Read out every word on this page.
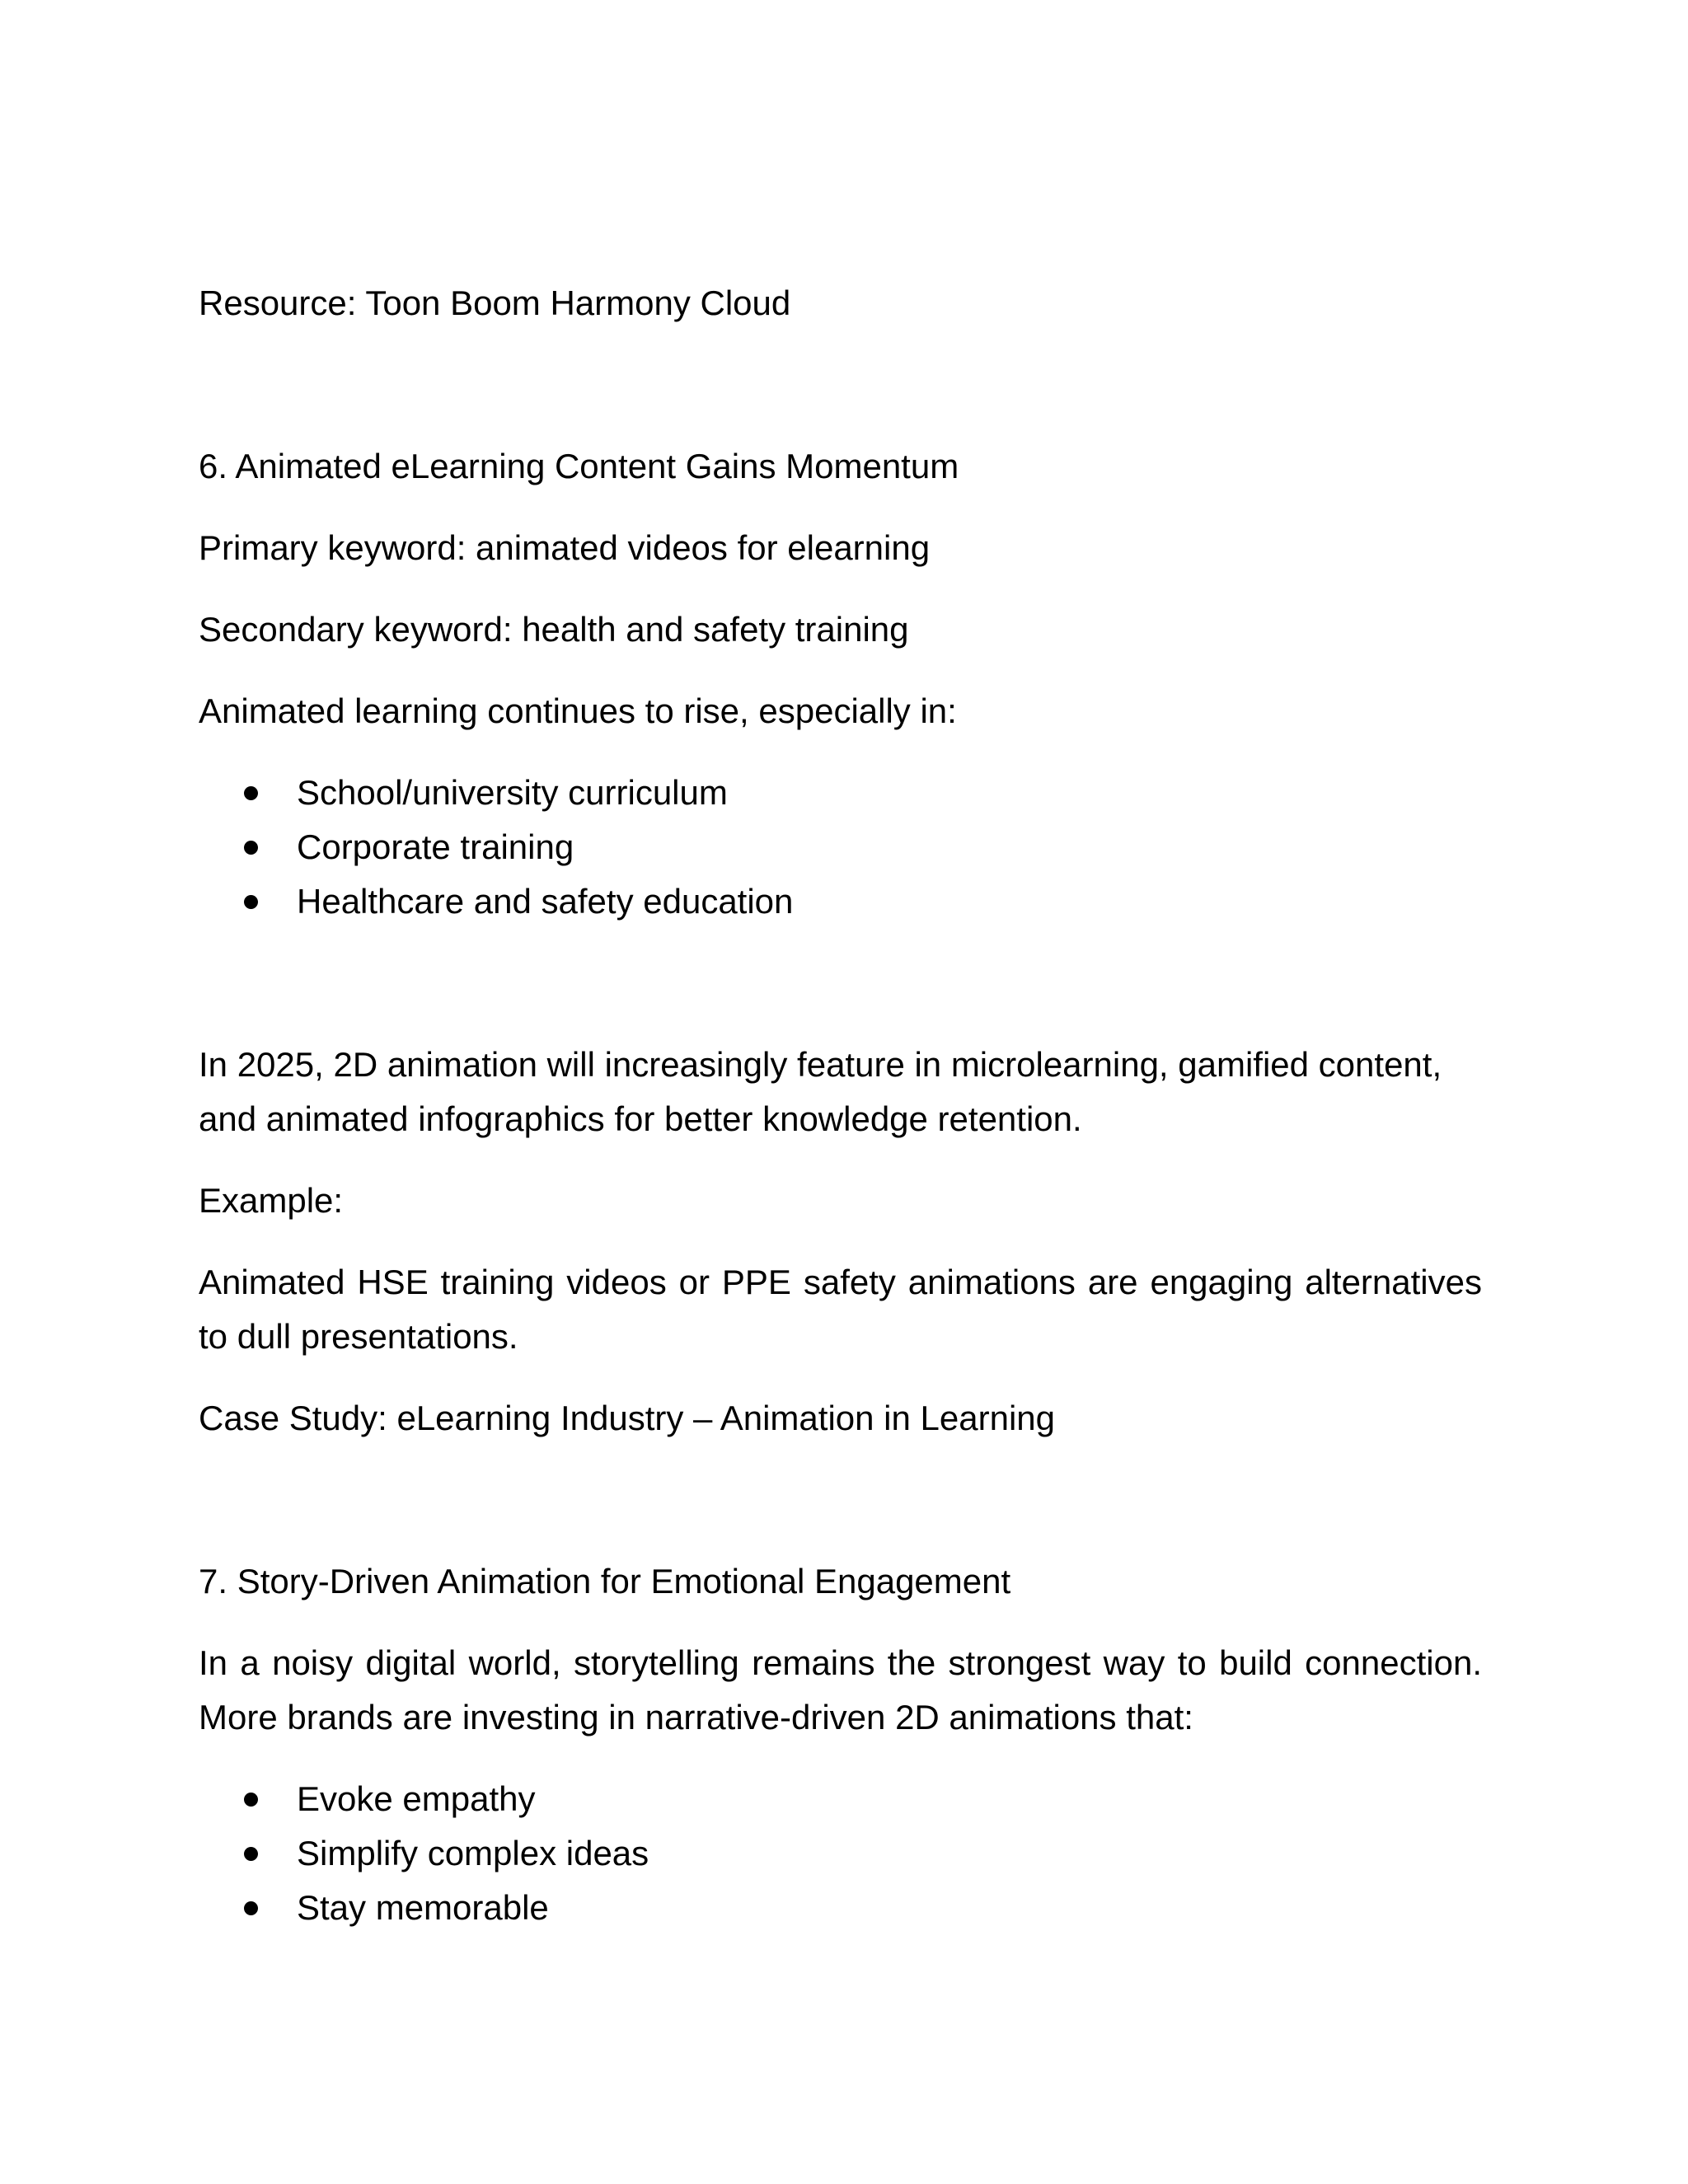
Resource: Toon Boom Harmony Cloud

6. Animated eLearning Content Gains Momentum

Primary keyword: animated videos for elearning

Secondary keyword: health and safety training

Animated learning continues to rise, especially in:

School/university curriculum
Corporate training
Healthcare and safety education

In 2025, 2D animation will increasingly feature in microlearning, gamified content, and animated infographics for better knowledge retention.

Example:

Animated HSE training videos or PPE safety animations are engaging alternatives to dull presentations.

Case Study: eLearning Industry – Animation in Learning

7. Story-Driven Animation for Emotional Engagement

In a noisy digital world, storytelling remains the strongest way to build connection. More brands are investing in narrative-driven 2D animations that:

Evoke empathy
Simplify complex ideas
Stay memorable
